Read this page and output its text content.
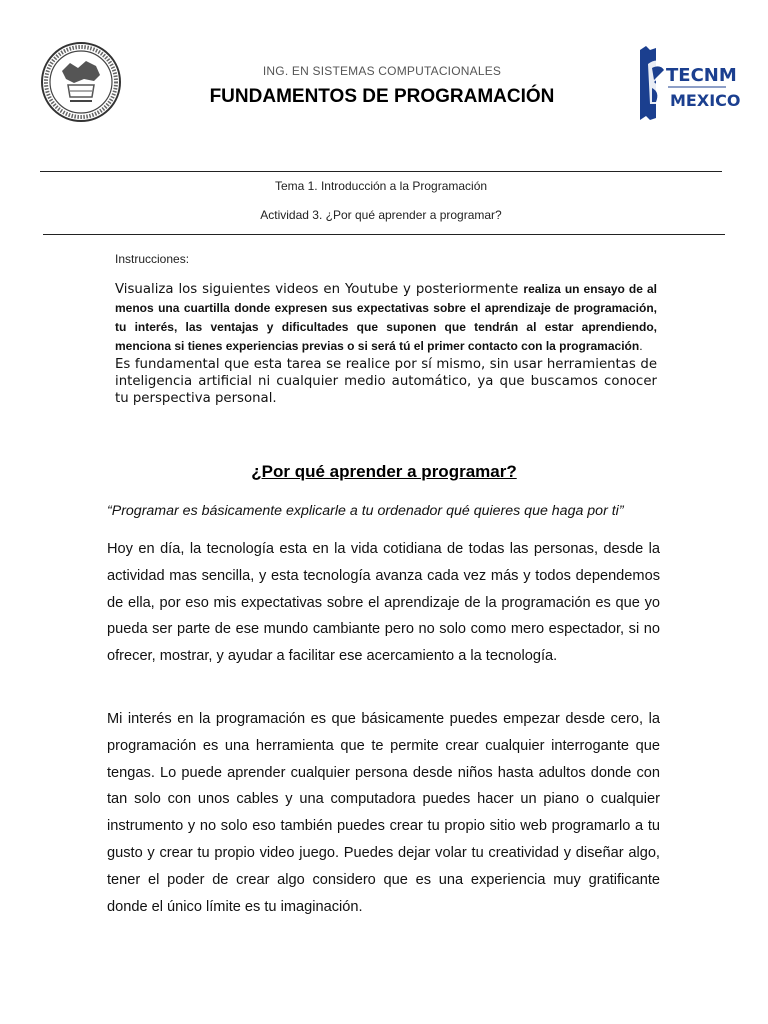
ING. EN SISTEMAS COMPUTACIONALES
FUNDAMENTOS DE PROGRAMACIÓN
TECNM
MEXICO
Tema 1. Introducción a la Programación
Actividad 3. ¿Por qué aprender a programar?
Instrucciones:

Visualiza los siguientes videos en Youtube y posteriormente realiza un ensayo de al menos una cuartilla donde expresen sus expectativas sobre el aprendizaje de programación, tu interés, las ventajas y dificultades que suponen que tendrán al estar aprendiendo, menciona si tienes experiencias previas o si será tú el primer contacto con la programación.

Es fundamental que esta tarea se realice por sí mismo, sin usar herramientas de inteligencia artificial ni cualquier medio automático, ya que buscamos conocer tu perspectiva personal.

¿Por qué aprender a programar?
“Programar es básicamente explicarle a tu ordenador qué quieres que haga por ti”

Hoy en día, la tecnología esta en la vida cotidiana de todas las personas, desde la actividad mas sencilla, y esta tecnología avanza cada vez más y todos dependemos de ella, por eso mis expectativas sobre el aprendizaje de la programación es que yo pueda ser parte de ese mundo cambiante pero no solo como mero espectador, si no ofrecer, mostrar, y ayudar a facilitar ese acercamiento a la tecnología.

Mi interés en la programación es que básicamente puedes empezar desde cero, la programación es una herramienta que te permite crear cualquier interrogante que tengas. Lo puede aprender cualquier persona desde niños hasta adultos donde con tan solo con unos cables y una computadora puedes hacer un piano o cualquier instrumento y no solo eso también puedes crear tu propio sitio web programarlo a tu gusto y crear tu propio video juego. Puedes dejar volar tu creatividad y diseñar algo, tener el poder de crear algo considero que es una experiencia muy gratificante donde el único límite es tu imaginación.
